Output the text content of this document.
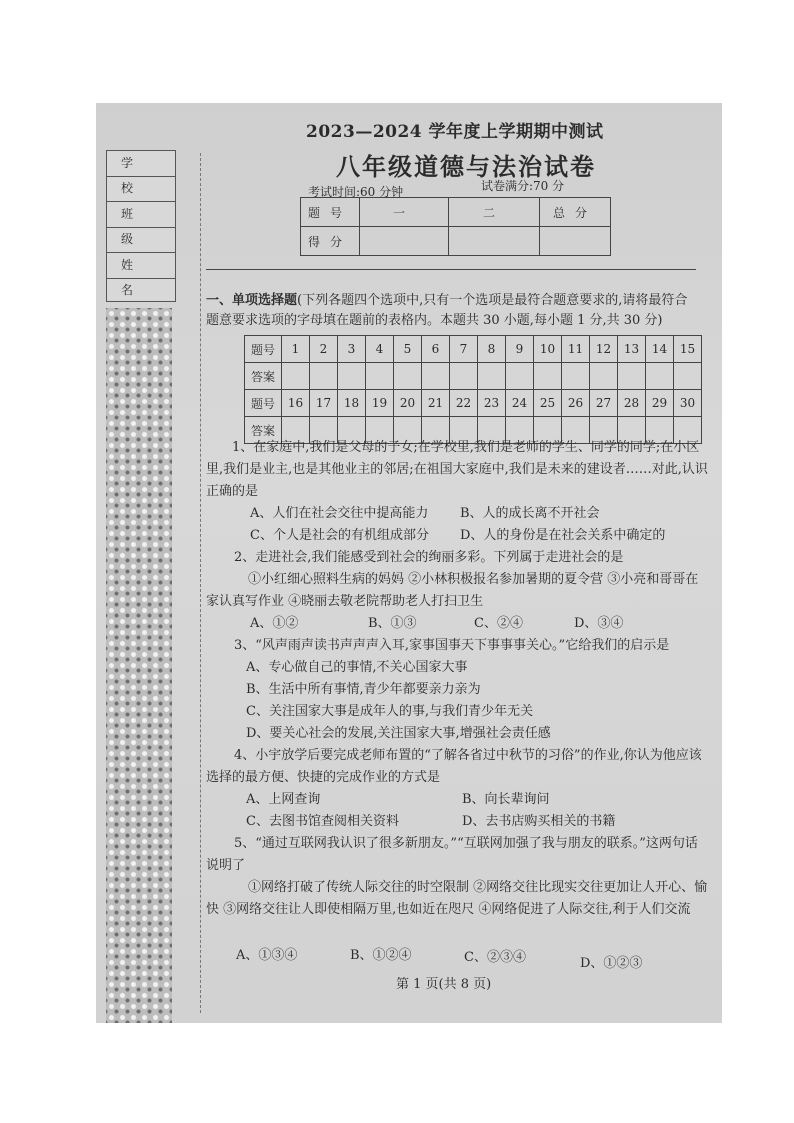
学校
班级
姓名
2023—2024 学年度上学期期中测试
八年级道德与法治试卷
考试时间:60 分钟	试卷满分:70 分
题号	一	二	总分
得分			
一、单项选择题(下列各题四个选项中,只有一个选项是最符合题意要求的,请将最符合题意要求选项的字母填在题前的表格内。本题共 30 小题,每小题 1 分,共 30 分)
题号	1	2	3	4	5	6	7	8	9	10	11	12	13	14	15
答案															
题号	16	17	18	19	20	21	22	23	24	25	26	27	28	29	30
答案															
1、在家庭中,我们是父母的子女;在学校里,我们是老师的学生、同学的同学;在小区里,我们是业主,也是其他业主的邻居;在祖国大家庭中,我们是未来的建设者……对此,认识正确的是
A、人们在社会交往中提高能力 B、人的成长离不开社会
C、个人是社会的有机组成部分 D、人的身份是在社会关系中确定的
2、走进社会,我们能感受到社会的绚丽多彩。下列属于走进社会的是
①小红细心照料生病的妈妈 ②小林积极报名参加暑期的夏令营 ③小亮和哥哥在家认真写作业 ④晓丽去敬老院帮助老人打扫卫生
A、①②	B、①③	C、②④	D、③④
3、“风声雨声读书声声声入耳,家事国事天下事事事关心。”它给我们的启示是
A、专心做自己的事情,不关心国家大事
B、生活中所有事情,青少年都要亲力亲为
C、关注国家大事是成年人的事,与我们青少年无关
D、要关心社会的发展,关注国家大事,增强社会责任感
4、小宇放学后要完成老师布置的“了解各省过中秋节的习俗”的作业,你认为他应该选择的最方便、快捷的完成作业的方式是
A、上网查询	B、向长辈询问
C、去图书馆查阅相关资料	D、去书店购买相关的书籍
5、“通过互联网我认识了很多新朋友。”“互联网加强了我与朋友的联系。”这两句话说明了
①网络打破了传统人际交往的时空限制 ②网络交往比现实交往更加让人开心、愉快 ③网络交往让人即使相隔万里,也如近在咫尺 ④网络促进了人际交往,利于人们交流
A、①③④	B、①②④	C、②③④	D、①②③
第 1 页(共 8 页)
